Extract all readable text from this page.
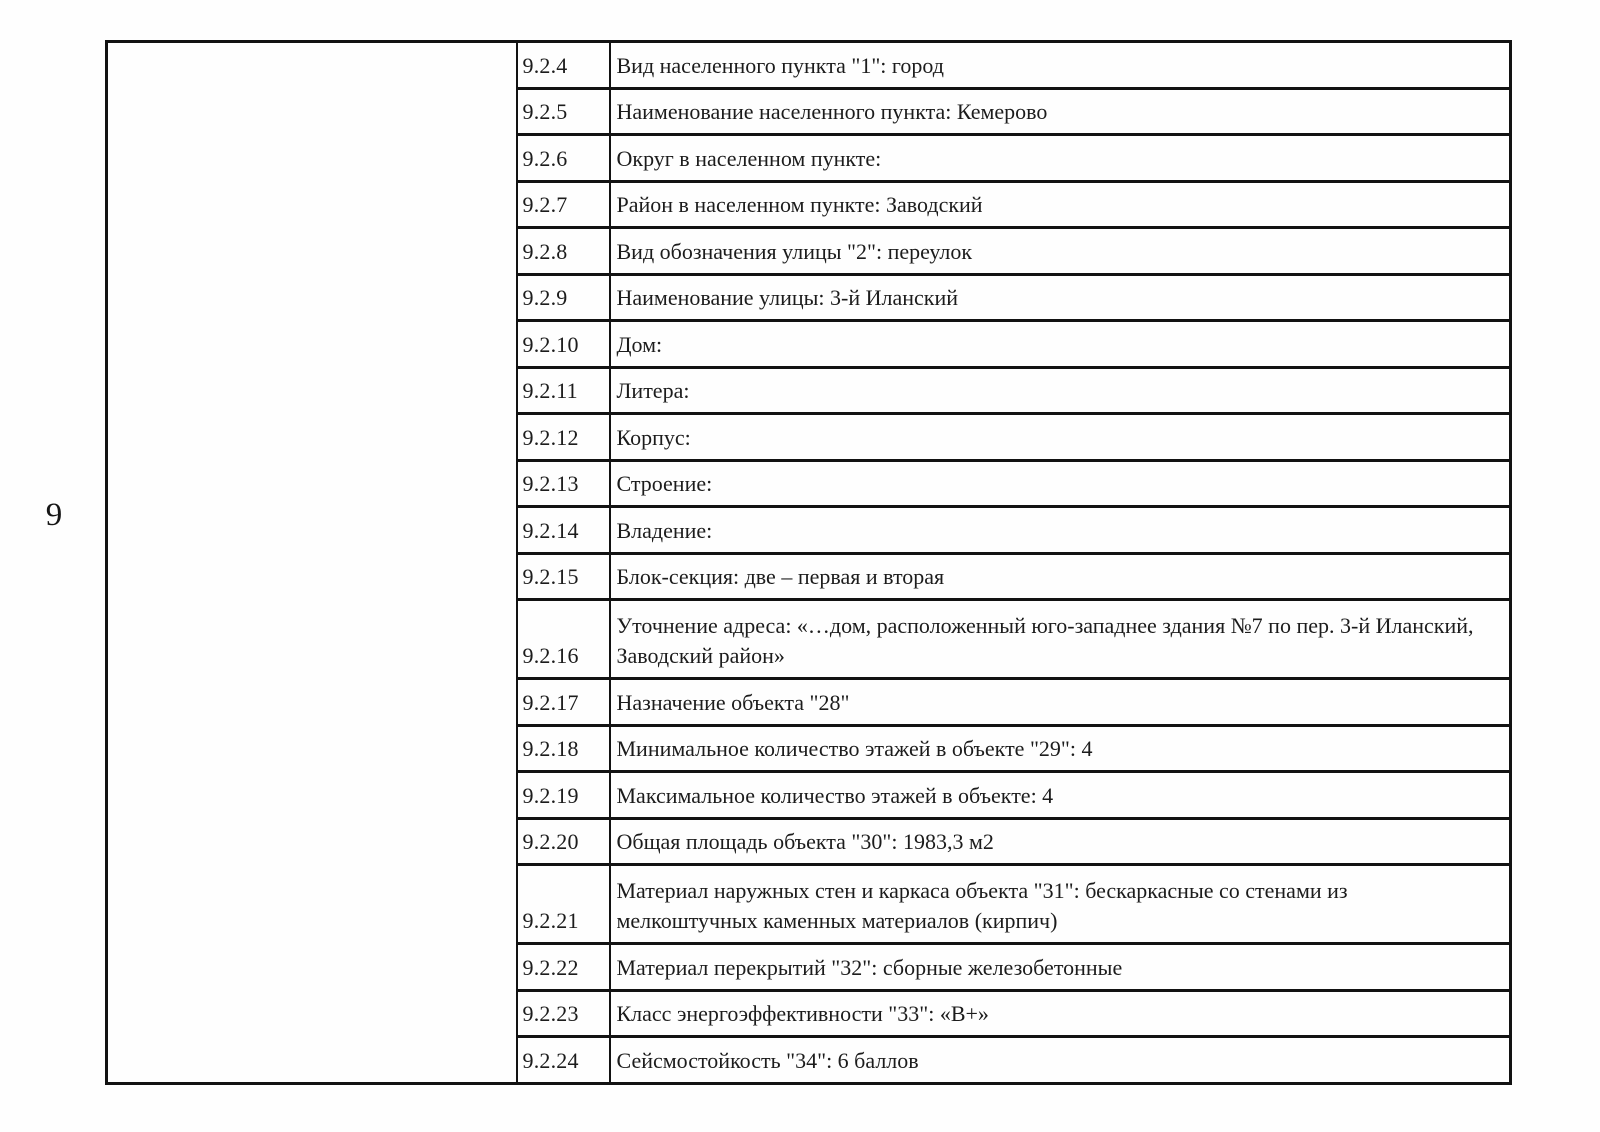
9
	9.2.4	Вид населенного пункта "1": город

	9.2.5	Наименование населенного пункта: Кемерово

	9.2.6	Округ в населенном пункте:

	9.2.7	Район в населенном пункте: Заводский

	9.2.8	Вид обозначения улицы "2": переулок

	9.2.9	Наименование улицы: 3-й Иланский

	9.2.10	Дом:

	9.2.11	Литера:

	9.2.12	Корпус:

	9.2.13	Строение:

	9.2.14	Владение:

	9.2.15	Блок-секция: две – первая и вторая

	9.2.16	Уточнение адреса: «…дом, расположенный юго-западнее здания №7 по пер. 3-й Иланский,
Заводский район»

	9.2.17	Назначение объекта "28"

	9.2.18	Минимальное количество этажей в объекте "29": 4

	9.2.19	Максимальное количество этажей в объекте: 4

	9.2.20	Общая площадь объекта "30": 1983,3 м2

	9.2.21	Материал наружных стен и каркаса объекта "31": бескаркасные со стенами из
мелкоштучных каменных материалов (кирпич)

	9.2.22	Материал перекрытий "32": сборные железобетонные

	9.2.23	Класс энергоэффективности "33": «В+»

	9.2.24	Сейсмостойкость "34": 6 баллов
